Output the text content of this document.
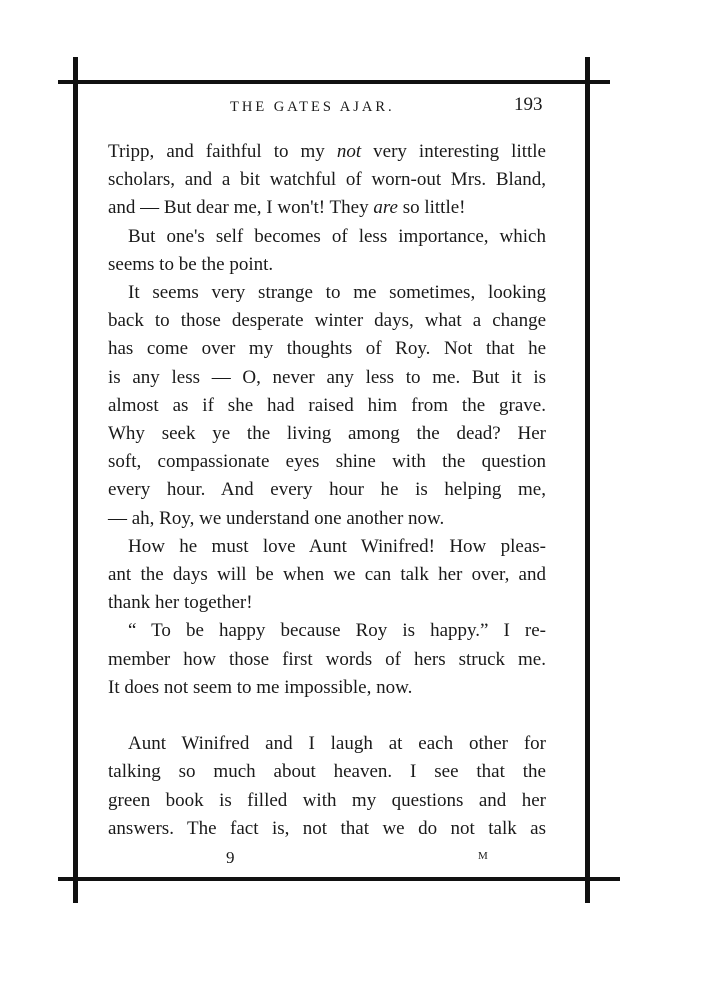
THE GATES AJAR.	193
Tripp, and faithful to my not very interesting little
scholars, and a bit watchful of worn-out Mrs. Bland,
and — But dear me, I won't! They are so little!
But one's self becomes of less importance, which
seems to be the point.
It seems very strange to me sometimes, looking
back to those desperate winter days, what a change
has come over my thoughts of Roy. Not that he
is any less — O, never any less to me. But it is
almost as if she had raised him from the grave.
Why seek ye the living among the dead? Her
soft, compassionate eyes shine with the question
every hour. And every hour he is helping me,
— ah, Roy, we understand one another now.
How he must love Aunt Winifred! How pleas-
ant the days will be when we can talk her over, and
thank her together!
“ To be happy because Roy is happy.” I re-
member how those first words of hers struck me.
It does not seem to me impossible, now.
Aunt Winifred and I laugh at each other for
talking so much about heaven. I see that the
green book is filled with my questions and her
answers. The fact is, not that we do not talk as
9	M
